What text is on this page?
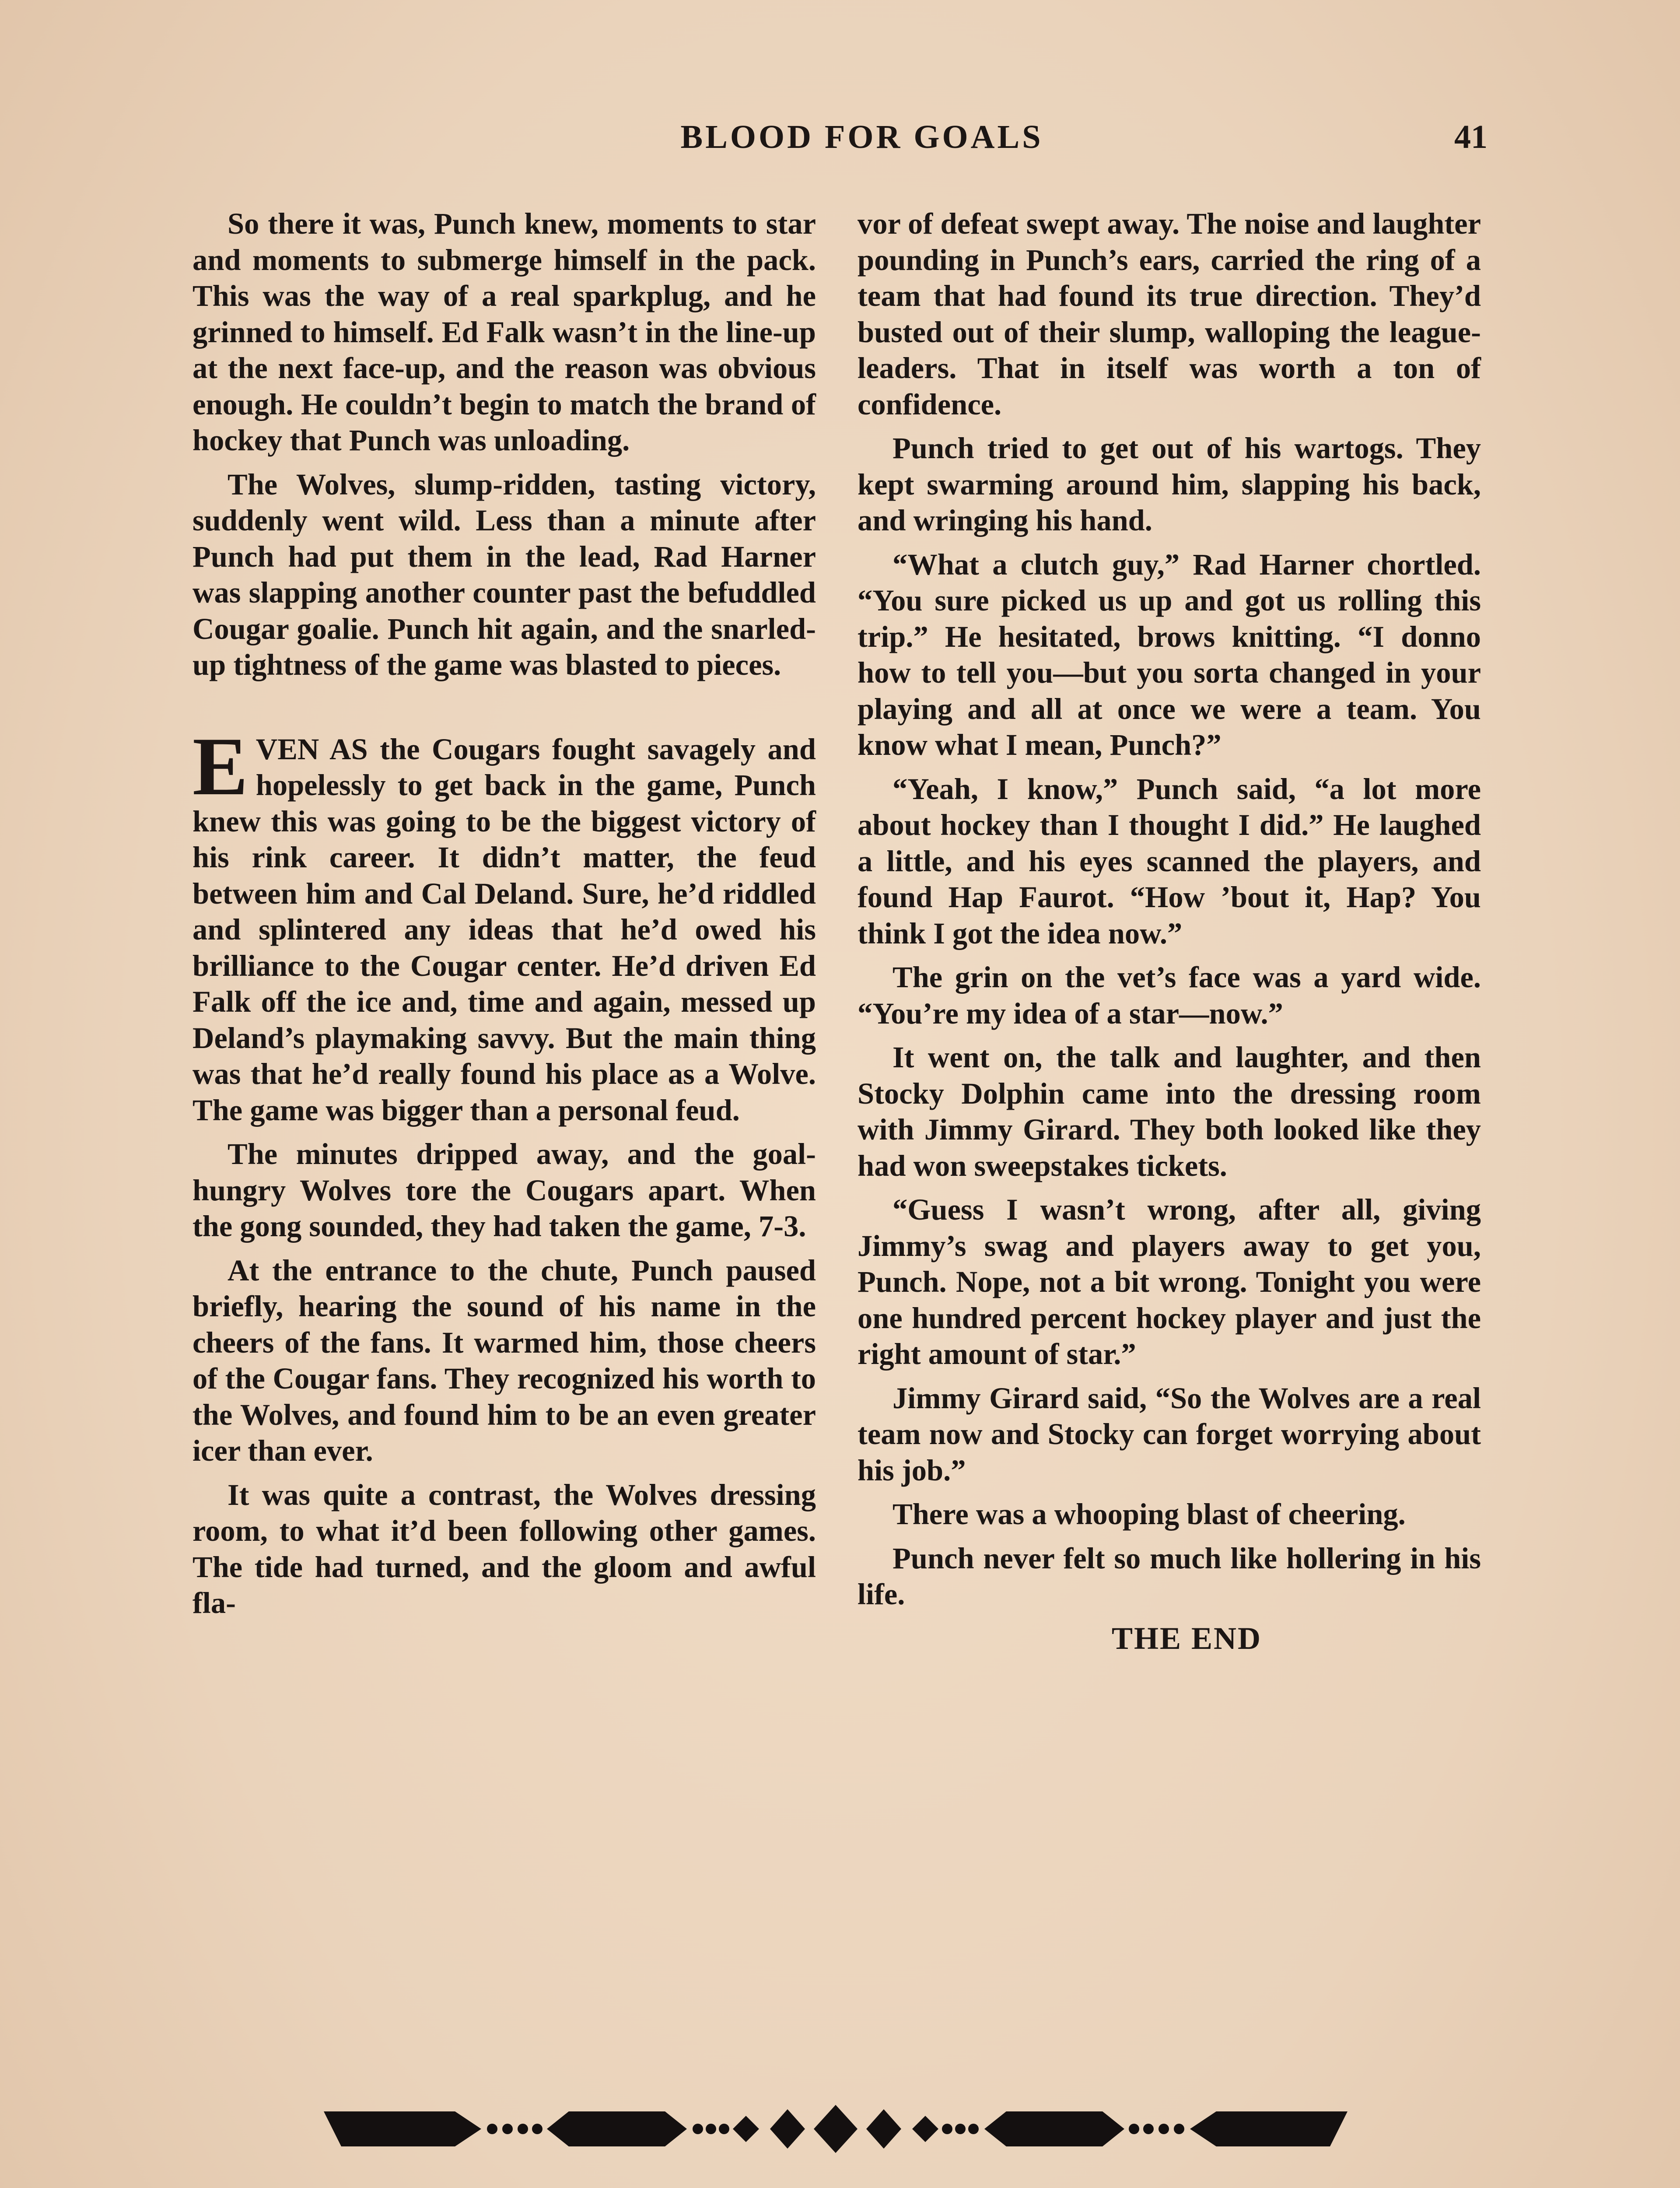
BLOOD FOR GOALS	41

So there it was, Punch knew, moments to star and moments to submerge himself in the pack. This was the way of a real sparkplug, and he grinned to himself. Ed Falk wasn’t in the line-up at the next face-up, and the reason was obvious enough. He couldn’t begin to match the brand of hockey that Punch was unloading.

The Wolves, slump-ridden, tasting victory, suddenly went wild. Less than a minute after Punch had put them in the lead, Rad Harner was slapping another counter past the befuddled Cougar goalie. Punch hit again, and the snarled-up tightness of the game was blasted to pieces.

EVEN AS the Cougars fought savagely and hopelessly to get back in the game, Punch knew this was going to be the biggest victory of his rink career. It didn’t matter, the feud between him and Cal Deland. Sure, he’d riddled and splintered any ideas that he’d owed his brilliance to the Cougar center. He’d driven Ed Falk off the ice and, time and again, messed up Deland’s playmaking savvy. But the main thing was that he’d really found his place as a Wolve. The game was bigger than a personal feud.

The minutes dripped away, and the goal-hungry Wolves tore the Cougars apart. When the gong sounded, they had taken the game, 7-3.

At the entrance to the chute, Punch paused briefly, hearing the sound of his name in the cheers of the fans. It warmed him, those cheers of the Cougar fans. They recognized his worth to the Wolves, and found him to be an even greater icer than ever.

It was quite a contrast, the Wolves dressing room, to what it’d been following other games. The tide had turned, and the gloom and awful fla-

vor of defeat swept away. The noise and laughter pounding in Punch’s ears, carried the ring of a team that had found its true direction. They’d busted out of their slump, walloping the league-leaders. That in itself was worth a ton of confidence.

Punch tried to get out of his wartogs. They kept swarming around him, slapping his back, and wringing his hand.

“What a clutch guy,” Rad Harner chortled. “You sure picked us up and got us rolling this trip.” He hesitated, brows knitting. “I donno how to tell you—but you sorta changed in your playing and all at once we were a team. You know what I mean, Punch?”

“Yeah, I know,” Punch said, “a lot more about hockey than I thought I did.” He laughed a little, and his eyes scanned the players, and found Hap Faurot. “How ’bout it, Hap? You think I got the idea now.”

The grin on the vet’s face was a yard wide. “You’re my idea of a star—now.”

It went on, the talk and laughter, and then Stocky Dolphin came into the dressing room with Jimmy Girard. They both looked like they had won sweepstakes tickets.

“Guess I wasn’t wrong, after all, giving Jimmy’s swag and players away to get you, Punch. Nope, not a bit wrong. Tonight you were one hundred percent hockey player and just the right amount of star.”

Jimmy Girard said, “So the Wolves are a real team now and Stocky can forget worrying about his job.”

There was a whooping blast of cheering.

Punch never felt so much like hollering in his life.

THE END
